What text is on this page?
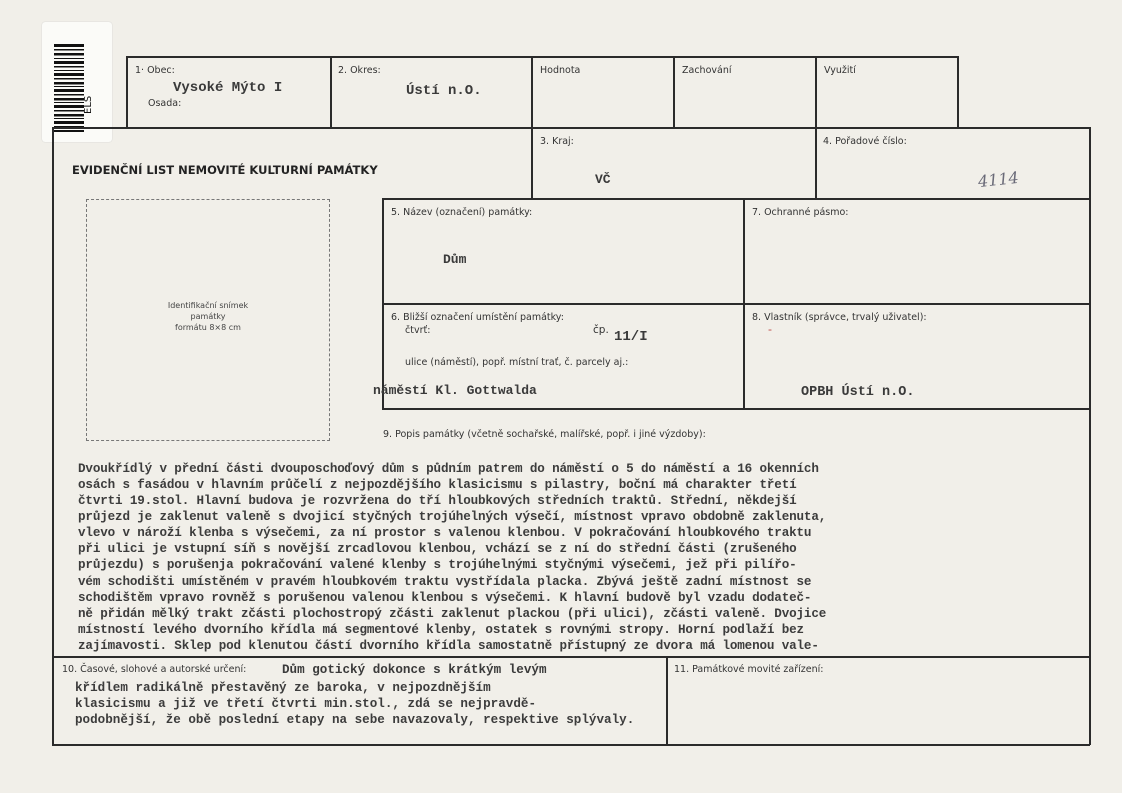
ELS
1· Obec:
Vysoké Mýto I
Osada:
2. Okres:
Ústí n.O.
Hodnota	Zachování	Využití
EVIDENČNÍ LIST NEMOVITÉ KULTURNÍ PAMÁTKY
3. Kraj:
VČ
4. Pořadové číslo:
4114
Identifikační snímek
památky
formátu 8×8 cm
5. Název (označení) památky:
Dům
7. Ochranné pásmo:
6. Bližší označení umístění památky:
čtvrť:	čp. 11/I
ulice (náměstí), popř. místní trať, č. parcely aj.:
náměstí Kl. Gottwalda
8. Vlastník (správce, trvalý uživatel):
-
OPBH Ústí n.O.
9. Popis památky (včetně sochařské, malířské, popř. i jiné výzdoby):
Dvoukřídlý v přední části dvouposchoďový dům s půdním patrem do náměstí o 5 do náměstí a 16 okenních
osách s fasádou v hlavním průčelí z nejpozdějšího klasicismu s pilastry, boční má charakter třetí
čtvrti 19.stol. Hlavní budova je rozvržena do tří hloubkových středních traktů. Střední, někdejší
průjezd je zaklenut valeně s dvojicí styčných trojúhelných výsečí, místnost vpravo obdobně zaklenuta,
vlevo v nároží klenba s výsečemi, za ní prostor s valenou klenbou. V pokračování hloubkového traktu
při ulici je vstupní síň s novější zrcadlovou klenbou, vchází se z ní do střední části (zrušeného
průjezdu) s porušenja pokračování valené klenby s trojúhelnými styčnými výsečemi, jež při pilířo-
vém schodišti umístěném v pravém hloubkovém traktu vystřídala placka. Zbývá ještě zadní místnost se
schodištěm vpravo rovněž s porušenou valenou klenbou s výsečemi. K hlavní budově byl vzadu dodateč-
ně přidán mělký trakt zčásti plochostropý zčásti zaklenut plackou (při ulici), zčásti valeně. Dvojice
místností levého dvorního křídla má segmentové klenby, ostatek s rovnými stropy. Horní podlaží bez
zajímavosti. Sklep pod klenutou částí dvorního křídla samostatně přístupný ze dvora má lomenou vale-
10. Časové, slohové a autorské určení:	Dům gotický dokonce s krátkým levým
křídlem radikálně přestavěný ze baroka, v nejpozdnějším
klasicismu a již ve třetí čtvrti min.stol., zdá se nejpravdě-
podobnější, že obě poslední etapy na sebe navazovaly, respektive splývaly.
11. Památkové movité zařízení:
